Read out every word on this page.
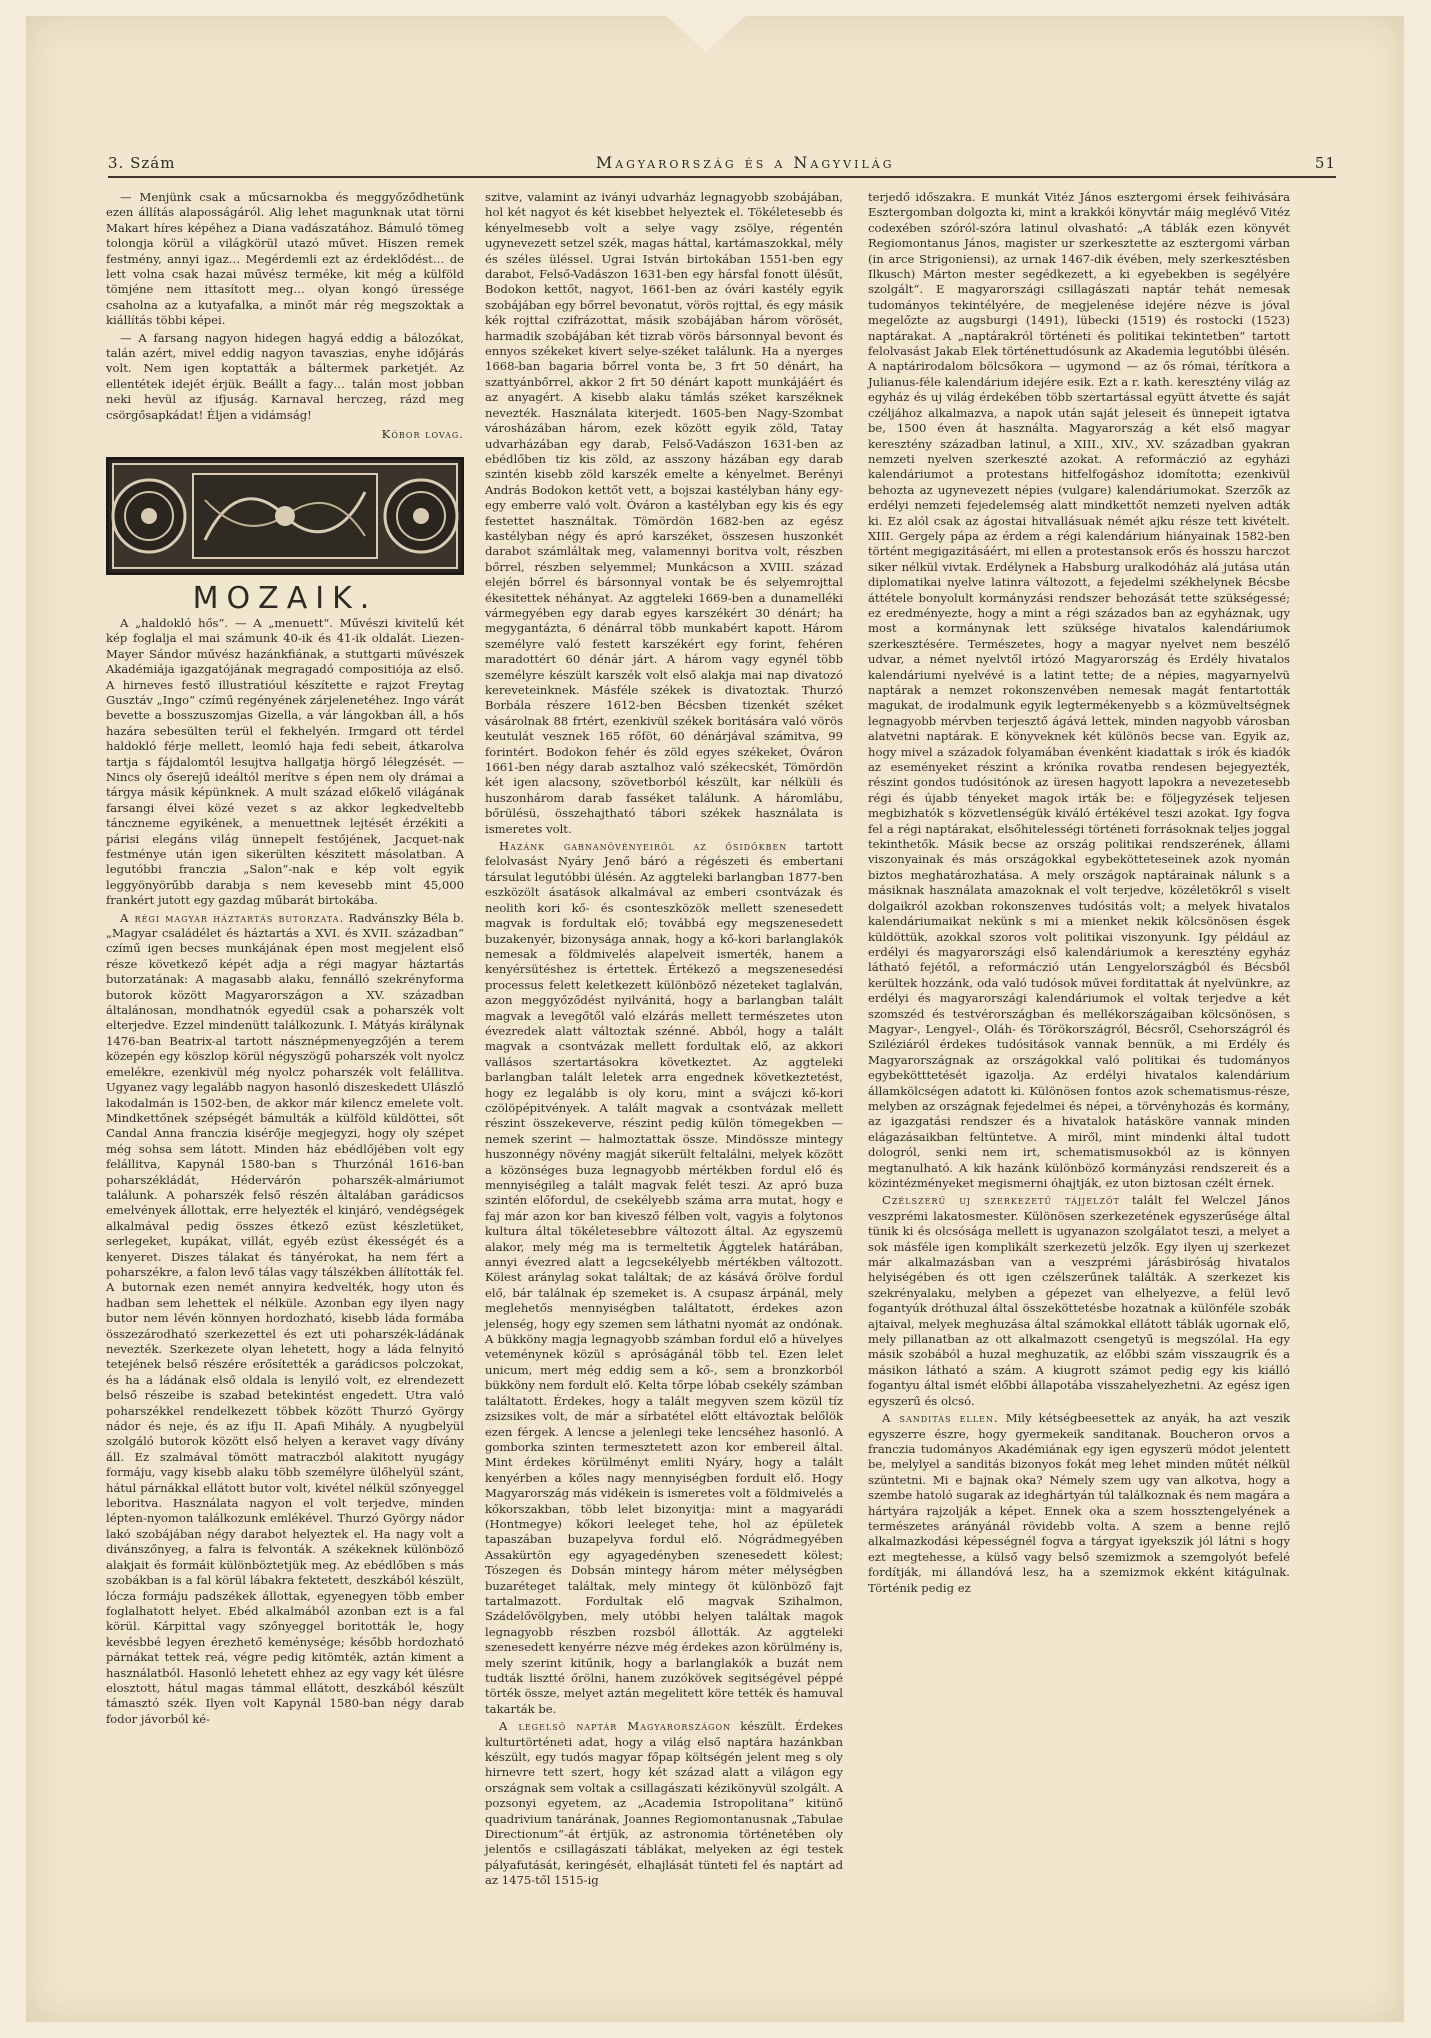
3. Szám	Magyarország és a Nagyvilág	51

— Menjünk csak a műcsarnokba és meggyőződhetünk ezen állítás alaposságáról. Alig lehet magunknak utat törni Makart híres képéhez a Diana vadászatához. Bámuló tömeg tolongja körül a világkörül utazó művet. Hiszen remek festmény, annyi igaz… Megérdemli ezt az érdeklődést… de lett volna csak hazai művész terméke, kit még a külföld tömjéne nem ittasított meg… olyan kongó üressége csaholna az a kutyafalka, a minőt már rég megszoktak a kiállítás többi képei.

— A farsang nagyon hidegen hagyá eddig a bálozókat, talán azért, mivel eddig nagyon tavaszias, enyhe időjárás volt. Nem igen koptatták a báltermek parketjét. Az ellentétek idejét érjük. Beállt a fagy… talán most jobban neki hevül az ifjuság. Karnaval herczeg, rázd meg csörgősapkádat! Éljen a vidámság!

Kóbor lovag.
MOZAIK.

A „haldokló hős“. — A „menuett“. Művészi kivitelű két kép foglalja el mai számunk 40-ik és 41-ik oldalát. Liezen-Mayer Sándor művész hazánkfiának, a stuttgarti művészek Akadémiája igazgatójának megragadó compositiója az első. A hirneves festő illustratióul készítette e rajzot Freytag Gusztáv „Ingo“ czímű regényének zárjelenetéhez. Ingo várát bevette a bosszuszomjas Gizella, a vár lángokban áll, a hős hazára sebesülten terül el fekhelyén. Irmgard ott térdel haldokló férje mellett, leomló haja fedi sebeit, átkarolva tartja s fájdalomtól lesujtva hallgatja hörgő lélegzését. — Nincs oly őserejű ideáltól merítve s épen nem oly drámai a tárgya másik képünknek. A mult század előkelő világának farsangi élvei közé vezet s az akkor legkedveltebb tánczneme egyikének, a menuettnek lejtését érzékiti a párisi elegáns világ ünnepelt festőjének, Jacquet-nak festménye után igen sikerülten készitett másolatban. A legutóbbi franczia „Salon“-nak e kép volt egyik leggyönyörűbb darabja s nem kevesebb mint 45,000 frankért jutott egy gazdag műbarát birtokába.

A régi magyar háztartás butorzata. Radvánszky Béla b. „Magyar családélet és háztartás a XVI. és XVII. században“ czímű igen becses munkájának épen most megjelent első része következő képét adja a régi magyar háztartás butorzatának: A magasabb alaku, fennálló szekrényforma butorok között Magyarországon a XV. században általánosan, mondhatnók egyedül csak a poharszék volt elterjedve. Ezzel mindenütt találkozunk. I. Mátyás királynak 1476-ban Beatrix-al tartott násznépmenyegzőjén a terem közepén egy köszlop körül négyszögű poharszék volt nyolcz emelékre, ezenkivül még nyolcz poharszék volt felállitva. Ugyanez vagy legalább nagyon hasonló diszeskedett Ulászló lakodalmán is 1502-ben, de akkor már kilencz emelete volt. Mindkettőnek szépségét bámulták a külföld küldöttei, sőt Candal Anna franczia kisérője megjegyzi, hogy oly szépet még sohsa sem látott. Minden ház ebédlőjében volt egy felállitva, Kapynál 1580-ban s Thurzónál 1616-ban poharszékládát, Hédervárón poharszék-almáriumot találunk. A poharszék felső részén általában garádicsos emelvények állottak, erre helyezték el kinjáró, vendégségek alkalmával pedig összes étkező ezüst készletüket, serlegeket, kupákat, villát, egyéb ezüst ékességét és a kenyeret. Diszes tálakat és tányérokat, ha nem fért a poharszékre, a falon levő tálas vagy tálszékben állították fel. A butornak ezen nemét annyira kedvelték, hogy uton és hadban sem lehettek el nélküle. Azonban egy ilyen nagy butor nem lévén könnyen hordozható, kisebb láda formába összezárodható szerkezettel és ezt uti poharszék-ládának nevezték. Szerkezete olyan lehetett, hogy a láda felnyitó tetejének belső részére erősítették a garádicsos polczokat, és ha a ládának első oldala is lenyiló volt, ez elrendezett belső részeibe is szabad betekintést engedett. Utra való poharszékkel rendelkezett többek között Thurzó György nádor és neje, és az ifju II. Apafi Mihály. A nyugbelyül szolgáló butorok között első helyen a keravet vagy dívány áll. Ez szalmával tömött matraczból alakitott nyugágy formáju, vagy kisebb alaku több személyre ülőhelyül szánt, hátul párnákkal ellátott butor volt, kivétel nélkül szőnyeggel leboritva. Használata nagyon el volt terjedve, minden lépten-nyomon találkozunk emlékével. Thurzó György nádor lakó szobájában négy darabot helyeztek el. Ha nagy volt a divánszőnyeg, a falra is felvonták. A székeknek különböző alakjait és formáit különböztetjük meg. Az ebédlőben s más szobákban is a fal körül lábakra fektetett, deszkából készült, lócza formáju padszékek állottak, egyenegyen több ember foglalhatott helyet. Ebéd alkalmából azonban ezt is a fal körül. Kárpittal vagy szőnyeggel boritották le, hogy kevésbbé legyen érezhető keménysége; később hordozható párnákat tettek reá, végre pedig kitömték, aztán kiment a használatból. Hasonló lehetett ehhez az egy vagy két ülésre elosztott, hátul magas támmal ellátott, deszkából készült támasztó szék. Ilyen volt Kapynál 1580-ban négy darab fodor jávorból ké-

szitve, valamint az iványi udvarház legnagyobb szobájában, hol két nagyot és két kisebbet helyeztek el. Tökéletesebb és kényelmesebb volt a selye vagy zsölye, régentén ugynevezett setzel szék, magas háttal, kartámaszokkal, mély és széles üléssel. Ugrai István birtokában 1551-ben egy darabot, Felső-Vadászon 1631-ben egy hársfal fonott ülésűt, Bodokon kettőt, nagyot, 1661-ben az óvári kastély egyik szobájában egy bőrrel bevonatut, vörös rojttal, és egy másik kék rojttal czifrázottat, másik szobájában három vörösét, harmadik szobájában két tizrab vörös bársonnyal bevont és ennyos székeket kivert selye-széket találunk. Ha a nyerges 1668-ban bagaria bőrrel vonta be, 3 frt 50 dénárt, ha szattyánbőrrel, akkor 2 frt 50 dénárt kapott munkájáért és az anyagért. A kisebb alaku támlás széket karszéknek nevezték. Használata kiterjedt. 1605-ben Nagy-Szombat városházában három, ezek között egyik zöld, Tatay udvarházában egy darab, Felső-Vadászon 1631-ben az ebédlőben tiz kis zöld, az asszony házában egy darab szintén kisebb zöld karszék emelte a kényelmet. Berényi András Bodokon kettőt vett, a bojszai kastélyban hány egy-egy emberre való volt. Óváron a kastélyban egy kis és egy festettet használtak. Tömördön 1682-ben az egész kastélyban négy és apró karszéket, összesen huszonkét darabot számláltak meg, valamennyi boritva volt, részben bőrrel, részben selyemmel; Munkácson a XVIII. század elején bőrrel és bársonnyal vontak be és selyemrojttal ékesitettek néhányat. Az aggteleki 1669-ben a dunamelléki vármegyében egy darab egyes karszékért 30 dénárt; ha megygantázta, 6 dénárral több munkabért kapott. Három személyre való festett karszékért egy forint, fehéren maradottért 60 dénár járt. A három vagy egynél több személyre készült karszék volt első alakja mai nap divatozó kereveteinknek. Másféle székek is divatoztak. Thurzó Borbála részere 1612-ben Bécsben tizenkét széket vásárolnak 88 frtért, ezenkivül székek boritására való vörös keutulát vesznek 165 rőföt, 60 dénárjával számitva, 99 forintért. Bodokon fehér és zöld egyes székeket, Óváron 1661-ben négy darab asztalhoz való székecskét, Tömördön két igen alacsony, szövetborból készült, kar nélküli és huszonhárom darab fasséket találunk. A háromlábu, bőrülésü, összehajtható tábori székek használata is ismeretes volt.

Hazánk gabnanövényeiről az ősidőkben tartott felolvasást Nyáry Jenő báró a régészeti és embertani társulat legutóbbi ülésén. Az aggteleki barlangban 1877-ben eszközölt ásatások alkalmával az emberi csontvázak és neolith kori kő- és csonteszközök mellett szenesedett magvak is fordultak elő; továbbá egy megszenesedett buzakenyér, bizonysága annak, hogy a kő-kori barlanglakók nemesak a földmivelés alapelveit ismerték, hanem a kenyérsütéshez is értettek. Értékező a megszenesedési processus felett keletkezett különböző nézeteket taglalván, azon meggyőződést nyilvánitá, hogy a barlangban talált magvak a levegőtől való elzárás mellett természetes uton évezredek alatt változtak szénné. Abból, hogy a talált magvak a csontvázak mellett fordultak elő, az akkori vallásos szertartásokra következtet. Az aggteleki barlangban talált leletek arra engednek következtetést, hogy ez legalább is oly koru, mint a svájczi kő-kori czölöpépitvények. A talált magvak a csontvázak mellett részint összekeverve, részint pedig külön tömegekben — nemek szerint — halmoztattak össze. Mindössze mintegy huszonnégy növény magját sikerült feltalálni, melyek között a közönséges buza legnagyobb mértékben fordul elő és mennyiségileg a talált magvak felét teszi. Az apró buza szintén előfordul, de csekélyebb száma arra mutat, hogy e faj már azon kor ban kivesző félben volt, vagyis a folytonos kultura által tökéletesebbre változott által. Az egyszemü alakor, mely még ma is termeltetik Ággtelek határában, annyi évezred alatt a legcsekélyebb mértékben változott. Kölest aránylag sokat találtak; de az kásává őrölve fordul elő, bár találnak ép szemeket is. A csupasz árpánál, mely meglehetős mennyiségben találtatott, érdekes azon jelenség, hogy egy szemen sem láthatni nyomát az ondónak. A bükköny magja legnagyobb számban fordul elő a hüvelyes veteménynek közül s apróságánál több tel. Ezen lelet unicum, mert még eddig sem a kő-, sem a bronzkorból bükköny nem fordult elő. Kelta tőrpe lóbab csekély számban találtatott. Érdekes, hogy a talált megyven szem közül tíz zsizsikes volt, de már a sírbatétel előtt eltávoztak belőlök ezen férgek. A lencse a jelenlegi teke lencséhez hasonló. A gomborka szinten termesztetett azon kor embereil által. Mint érdekes körülményt emliti Nyáry, hogy a talált kenyérben a kőles nagy mennyiségben fordult elő. Hogy Magyarország más vidékein is ismeretes volt a földmivelés a kőkorszakban, több lelet bizonyitja: mint a magyarádi (Hontmegye) kőkori leeleget tehe, hol az épületek tapaszában buzapelyva fordul elő. Nógrádmegyében Assakürtön egy agyagedényben szenesedett kölest; Tószegen és Dobsán mintegy három méter mélységben buzaréteget találtak, mely mintegy öt különböző fajt tartalmazott. Fordultak elő magvak Szihalmon, Szádelővölgyben, mely utóbbi helyen találtak magok legnagyobb részben rozsból állották. Az aggteleki szenesedett kenyérre nézve még érdekes azon körülmény is, mely szerint kitűnik, hogy a barlanglakók a buzát nem tudták lisztté őrölni, hanem zuzókövek segitségével péppé törték össze, melyet aztán megelitett köre tették és hamuval takarták be.

A legelső naptár Magyarországon készült. Érdekes kulturtörténeti adat, hogy a világ első naptára hazánkban készült, egy tudós magyar főpap költségén jelent meg s oly hirnevre tett szert, hogy két század alatt a világon egy országnak sem voltak a csillagászati kézikönyvül szolgált. A pozsonyi egyetem, az „Academia Istropolitana“ kitünő quadrivium tanárának, Joannes Regiomontanusnak „Tabulae Directionum“-át értjük, az astronomia történetében oly jelentős e csillagászati táblákat, melyeken az égi testek pályafutását, keringését, elhajlását tünteti fel és naptárt ad az 1475-től 1515-ig

terjedő időszakra. E munkát Vitéz János esztergomi érsek feihivására Esztergomban dolgozta ki, mint a krakkói könyvtár máig meglévő Vitéz codexében szóról-szóra latinul olvasható: „A táblák ezen könyvét Regiomontanus János, magister ur szerkesztette az esztergomi várban (in arce Strigoniensi), az urnak 1467-dik évében, mely szerkesztésben Ilkusch) Márton mester segédkezett, a ki egyebekben is segélyére szolgált“. E magyarországi csillagászati naptár tehát nemesak tudományos tekintélyére, de megjelenése idejére nézve is jóval megelőzte az augsburgi (1491), lübecki (1519) és rostocki (1523) naptárakat. A „naptárakról történeti és politikai tekintetben“ tartott felolvasást Jakab Elek történettudósunk az Akademia legutóbbi ülésén. A naptárirodalom bölcsőkora — ugymond — az ős római, térítkora a Julianus-féle kalendárium idejére esik. Ezt a r. kath. keresztény világ az egyház és uj világ érdekében több szertartással együtt átvette és saját czéljához alkalmazva, a napok után saját jeleseit és ünnepeit igtatva be, 1500 éven át használta. Magyarország a két első magyar keresztény században latinul, a XIII., XIV., XV. században gyakran nemzeti nyelven szerkeszté azokat. A reformáczió az egyházi kalendáriumot a protestans hitfelfogáshoz idomította; ezenkivül behozta az ugynevezett népies (vulgare) kalendáriumokat. Szerzők az erdélyi nemzeti fejedelemség alatt mindkettőt nemzeti nyelven adták ki. Ez alól csak az ágostai hitvallásuak némét ajku része tett kivételt. XIII. Gergely pápa az érdem a régi kalendárium hiányainak 1582-ben történt megigazitásáért, mi ellen a protestansok erős és hosszu harczot siker nélkül vivtak. Erdélynek a Habsburg uralkodóház alá jutása után diplomatikai nyelve latinra változott, a fejedelmi székhelynek Bécsbe áttétele bonyolult kormányzási rendszer behozását tette szükségessé; ez eredményezte, hogy a mint a régi százados ban az egyháznak, ugy most a kormánynak lett szüksége hivatalos kalendáriumok szerkesztésére. Természetes, hogy a magyar nyelvet nem beszélő udvar, a német nyelvtől irtózó Magyarország és Erdély hivatalos kalendáriumi nyelvévé is a latint tette; de a népies, magyarnyelvü naptárak a nemzet rokonszenvében nemesak magát fentartották magukat, de irodalmunk egyik legtermékenyebb s a közmüveltségnek legnagyobb mérvben terjesztő ágává lettek, minden nagyobb városban alatvetni naptárak. E könyveknek két különös becse van. Egyik az, hogy mivel a századok folyamában évenként kiadattak s irók és kiadók az eseményeket részint a krónika rovatba rendesen bejegyezték, részint gondos tudósitónok az üresen hagyott lapokra a nevezetesebb régi és újabb tényeket magok irták be: e följegyzések teljesen megbizhatók s közvetlenségük kiváló értékével teszi azokat. Igy fogva fel a régi naptárakat, elsőhitelességi történeti forrásoknak teljes joggal tekinthetők. Másik becse az ország politikai rendszerének, állami viszonyainak és más országokkal egybekötteteseinek azok nyomán biztos meghatározhatása. A mely országok naptárainak nálunk s a másiknak használata amazoknak el volt terjedve, közéletökről s viselt dolgaikról azokban rokonszenves tudósitás volt; a melyek hivatalos kalendáriumaikat nekünk s mi a mienket nekik kölcsönösen ésgek küldöttük, azokkal szoros volt politikai viszonyunk. Igy például az erdélyi és magyarországi első kalendáriumok a keresztény egyház látható fejétől, a reformáczió után Lengyelországból és Bécsből kerültek hozzánk, oda való tudósok művei forditattak át nyelvünkre, az erdélyi és magyarországi kalendáriumok el voltak terjedve a két szomszéd és testvérországban és mellékországaiban kölcsönösen, s Magyar-, Lengyel-, Oláh- és Törökországról, Bécsről, Csehországról és Sziléziáról érdekes tudósitások vannak bennük, a mi Erdély és Magyarországnak az országokkal való politikai és tudományos egybekötttetését igazolja. Az erdélyi hivatalos kalendárium államkölcségen adatott ki. Különösen fontos azok schematismus-része, melyben az országnak fejedelmei és népei, a törvényhozás és kormány, az igazgatási rendszer és a hivatalok hatásköre vannak minden elágazásaikban feltüntetve. A miről, mint mindenki által tudott dologról, senki nem irt, schematismusokból az is könnyen megtanulható. A kik hazánk különböző kormányzási rendszereit és a közintézményeket megismerni óhajtják, ez uton biztosan czélt érnek.

Czélszerű uj szerkezetű tájjelzőt talált fel Welczel János veszprémi lakatosmester. Különösen szerkezetének egyszerűsége által tünik ki és olcsósága mellett is ugyanazon szolgálatot teszi, a melyet a sok másféle igen komplikált szerkezetü jelzők. Egy ilyen uj szerkezet már alkalmazásban van a veszprémi járásbiróság hivatalos helyiségében és ott igen czélszerűnek találták. A szerkezet kis szekrényalaku, melyben a gépezet van elhelyezve, a felül levő fogantyúk dróthuzal által összeköttetésbe hozatnak a különféle szobák ajtaival, melyek meghuzása által számokkal ellátott táblák ugornak elő, mely pillanatban az ott alkalmazott csengetyű is megszólal. Ha egy másik szobából a huzal meghuzatik, az előbbi szám visszaugrik és a másikon látható a szám. A kiugrott számot pedig egy kis kiálló fogantyu által ismét előbbi állapotába visszahelyezhetni. Az egész igen egyszerű és olcsó.

A sanditás ellen. Mily kétségbeesettek az anyák, ha azt veszik egyszerre észre, hogy gyermekeik sanditanak. Boucheron orvos a franczia tudományos Akadémiának egy igen egyszerü módot jelentett be, melylyel a sanditás bizonyos fokát meg lehet minden műtét nélkül szüntetni. Mi e bajnak oka? Némely szem ugy van alkotva, hogy a szembe hatoló sugarak az ideghártyán túl találkoznak és nem magára a hártyára rajzolják a képet. Ennek oka a szem hossztengelyének a természetes arányánál rövidebb volta. A szem a benne rejlő alkalmazkodási képességnél fogva a tárgyat igyekszik jól látni s hogy ezt megtehesse, a külső vagy belső szemizmok a szemgolyót befelé fordítják, mi állandóvá lesz, ha a szemizmok ekként kitágulnak. Történik pedig ez
